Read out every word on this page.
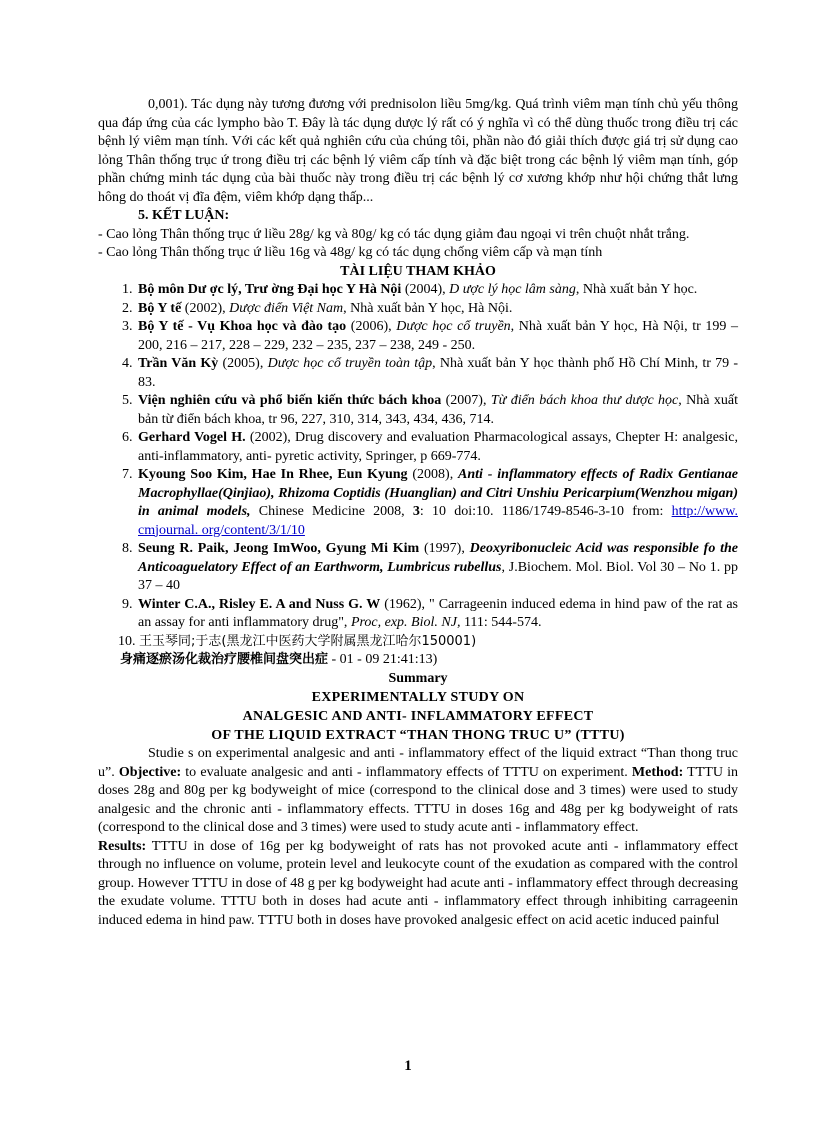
0,001). Tác dụng này tương đương với prednisolon liều 5mg/kg. Quá trình viêm mạn tính chủ yếu thông qua đáp ứng của các lympho bào T. Đây là tác dụng dược lý rất có ý nghĩa vì có thể dùng thuốc trong điều trị các bệnh lý viêm mạn tính. Với các kết quả nghiên cứu của chúng tôi, phần nào đó giải thích được giá trị sử dụng cao lỏng Thân thống trục ứ trong điều trị các bệnh lý viêm cấp tính và đặc biệt trong các bệnh lý viêm mạn tính, góp phần chứng minh tác dụng của bài thuốc này trong điều trị các bệnh lý cơ xương khớp như hội chứng thắt lưng hông do thoát vị đĩa đệm, viêm khớp dạng thấp...

5. KẾT LUẬN:

- Cao lỏng Thân thống trục ứ liều 28g/ kg và 80g/ kg có tác dụng giảm đau ngoại vi trên chuột nhắt trắng.

- Cao lỏng Thân thống trục ứ liều 16g và 48g/ kg có tác dụng chống viêm cấp và mạn tính

TÀI LIỆU THAM KHẢO

1. Bộ môn Dư ợc lý, Trư ờng Đại học Y Hà Nội (2004), D ược lý học lâm sàng, Nhà xuất bản Y học.
2. Bộ Y tế (2002), Dược điển Việt Nam, Nhà xuất bản Y học, Hà Nội.
3. Bộ Y tế - Vụ Khoa học và đào tạo (2006), Dược học cổ truyền, Nhà xuất bản Y học, Hà Nội, tr 199 – 200, 216 – 217, 228 – 229, 232 – 235, 237 – 238, 249 - 250.
4. Trần Văn Kỳ (2005), Dược học cổ truyền toàn tập, Nhà xuất bản Y học thành phố Hồ Chí Minh, tr 79 - 83.
5. Viện nghiên cứu và phổ biến kiến thức bách khoa (2007), Từ điển bách khoa thư dược học, Nhà xuất bản từ điển bách khoa, tr 96, 227, 310, 314, 343, 434, 436, 714.
6. Gerhard Vogel H. (2002), Drug discovery and evaluation Pharmacological assays, Chepter H: analgesic, anti-inflammatory, anti- pyretic activity, Springer, p 669-774.
7. Kyoung Soo Kim, Hae In Rhee, Eun Kyung (2008), Anti - inflammatory effects of Radix Gentianae Macrophyllae(Qinjiao), Rhizoma Coptidis (Huanglian) and Citri Unshiu Pericarpium(Wenzhou migan) in animal models, Chinese Medicine 2008, 3: 10 doi:10. 1186/1749-8546-3-10 from: http://www. cmjournal. org/content/3/1/10
8. Seung R. Paik, Jeong ImWoo, Gyung Mi Kim (1997), Deoxyribonucleic Acid was responsible fo the Anticoaguelatory Effect of an Earthworm, Lumbricus rubellus, J.Biochem. Mol. Biol. Vol 30 – No 1. pp 37 – 40
9. Winter C.A., Risley E. A and Nuss G. W (1962), " Carrageenin induced edema in hind paw of the rat as an assay for anti inflammatory drug", Proc, exp. Biol. NJ, 111: 544-574.
10. 王玉琴同;于志(黑龙江中医药大学附属黑龙江哈尔150001)

身痛逐瘀汤化裁治疗腰椎间盘突出症 - 01 - 09 21:41:13)

Summary

EXPERIMENTALLY STUDY ON

ANALGESIC AND ANTI- INFLAMMATORY EFFECT

OF THE LIQUID EXTRACT “THAN THONG TRUC U” (TTTU)

Studie s on experimental analgesic and anti - inflammatory effect of the liquid extract “Than thong truc u”. Objective: to evaluate analgesic and anti - inflammatory effects of TTTU on experiment. Method: TTTU in doses 28g and 80g per kg bodyweight of mice (correspond to the clinical dose and 3 times) were used to study analgesic and the chronic anti - inflammatory effects. TTTU in doses 16g and 48g per kg bodyweight of rats (correspond to the clinical dose and 3 times) were used to study acute anti - inflammatory effect.

Results: TTTU in dose of 16g per kg bodyweight of rats has not provoked acute anti - inflammatory effect through no influence on volume, protein level and leukocyte count of the exudation as compared with the control group. However TTTU in dose of 48 g per kg bodyweight had acute anti - inflammatory effect through decreasing the exudate volume. TTTU both in doses had acute anti - inflammatory effect through inhibiting carrageenin induced edema in hind paw. TTTU both in doses have provoked analgesic effect on acid acetic induced painful

1
